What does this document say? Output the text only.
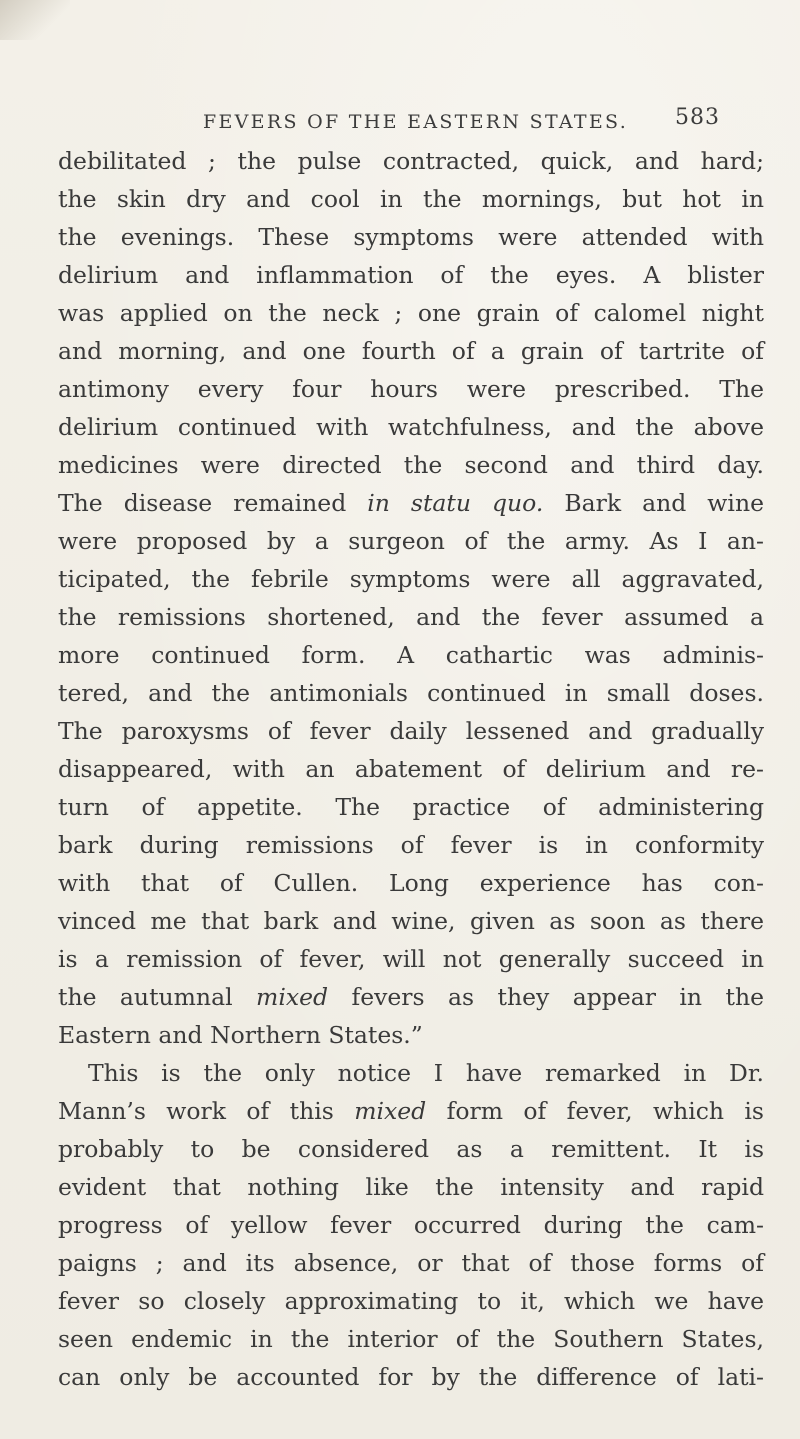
FEVERS OF THE EASTERN STATES. 583
debilitated ; the pulse contracted, quick, and hard;
the skin dry and cool in the mornings, but hot in
the evenings. These symptoms were attended with
delirium and inflammation of the eyes. A blister
was applied on the neck ; one grain of calomel night
and morning, and one fourth of a grain of tartrite of
antimony every four hours were prescribed. The
delirium continued with watchfulness, and the above
medicines were directed the second and third day.
The disease remained in statu quo. Bark and wine
were proposed by a surgeon of the army. As I an-
ticipated, the febrile symptoms were all aggravated,
the remissions shortened, and the fever assumed a
more continued form. A cathartic was adminis-
tered, and the antimonials continued in small doses.
The paroxysms of fever daily lessened and gradually
disappeared, with an abatement of delirium and re-
turn of appetite. The practice of administering
bark during remissions of fever is in conformity
with that of Cullen. Long experience has con-
vinced me that bark and wine, given as soon as there
is a remission of fever, will not generally succeed in
the autumnal mixed fevers as they appear in the
Eastern and Northern States.”
This is the only notice I have remarked in Dr.
Mann’s work of this mixed form of fever, which is
probably to be considered as a remittent. It is
evident that nothing like the intensity and rapid
progress of yellow fever occurred during the cam-
paigns ; and its absence, or that of those forms of
fever so closely approximating to it, which we have
seen endemic in the interior of the Southern States,
can only be accounted for by the difference of lati-
